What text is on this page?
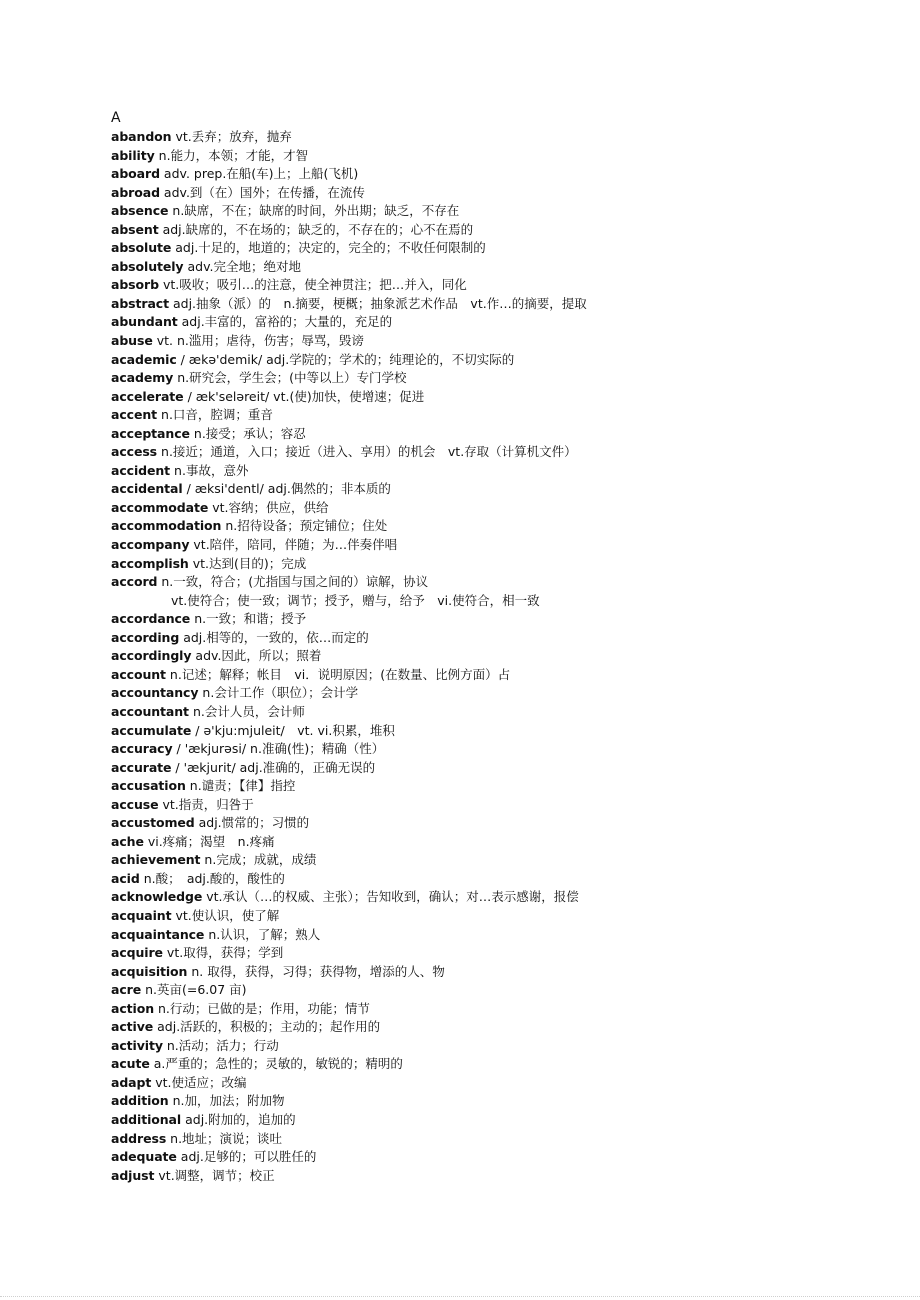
A
abandon vt.丢弃；放弃，抛弃
ability n.能力，本领；才能，才智
aboard adv. prep.在船(车)上；上船(飞机)
abroad adv.到（在）国外；在传播，在流传
absence n.缺席，不在；缺席的时间，外出期；缺乏，不存在
absent adj.缺席的，不在场的；缺乏的，不存在的；心不在焉的
absolute adj.十足的，地道的；决定的，完全的；不收任何限制的
absolutely adv.完全地；绝对地
absorb vt.吸收；吸引…的注意，使全神贯注；把…并入，同化
abstract adj.抽象（派）的　n.摘要，梗概；抽象派艺术作品　vt.作…的摘要，提取
abundant adj.丰富的，富裕的；大量的，充足的
abuse vt. n.滥用；虐待，伤害；辱骂，毁谤
academic / ækə'demik/ adj.学院的；学术的；纯理论的，不切实际的
academy n.研究会，学生会；(中等以上）专门学校
accelerate / æk'seləreit/ vt.(使)加快，使增速；促进
accent n.口音，腔调；重音
acceptance n.接受；承认；容忍
access n.接近；通道，入口；接近（进入、享用）的机会　vt.存取（计算机文件）
accident n.事故，意外
accidental / æksi'dentl/ adj.偶然的；非本质的
accommodate vt.容纳；供应，供给
accommodation n.招待设备；预定铺位；住处
accompany vt.陪伴，陪同，伴随；为…伴奏伴唱
accomplish vt.达到(目的)；完成
accord n.一致，符合；(尤指国与国之间的）谅解，协议
vt.使符合；使一致；调节；授予，赠与，给予　vi.使符合，相一致
accordance n.一致；和谐；授予
according adj.相等的，一致的，依…而定的
accordingly adv.因此，所以；照着
account n.记述；解释；帐目　vi．说明原因；(在数量、比例方面）占
accountancy n.会计工作（职位）；会计学
accountant n.会计人员，会计师
accumulate / ə'kju:mjuleit/　vt. vi.积累，堆积
accuracy / 'ækjurəsi/ n.准确(性)；精确（性）
accurate / 'ækjurit/ adj.准确的，正确无误的
accusation n.谴责；【律】指控
accuse vt.指责，归咎于
accustomed adj.惯常的；习惯的
ache vi.疼痛；渴望　n.疼痛
achievement n.完成；成就，成绩
acid n.酸；　adj.酸的，酸性的
acknowledge vt.承认（…的权威、主张）；告知收到，确认；对…表示感谢，报偿
acquaint vt.使认识，使了解
acquaintance n.认识，了解；熟人
acquire vt.取得，获得；学到
acquisition n. 取得，获得，习得；获得物，增添的人、物
acre n.英亩(=6.07 亩)
action n.行动；已做的是；作用，功能；情节
active adj.活跃的，积极的；主动的；起作用的
activity n.活动；活力；行动
acute a.严重的；急性的；灵敏的，敏锐的；精明的
adapt vt.使适应；改编
addition n.加，加法；附加物
additional adj.附加的，追加的
address n.地址；演说；谈吐
adequate adj.足够的；可以胜任的
adjust vt.调整，调节；校正
